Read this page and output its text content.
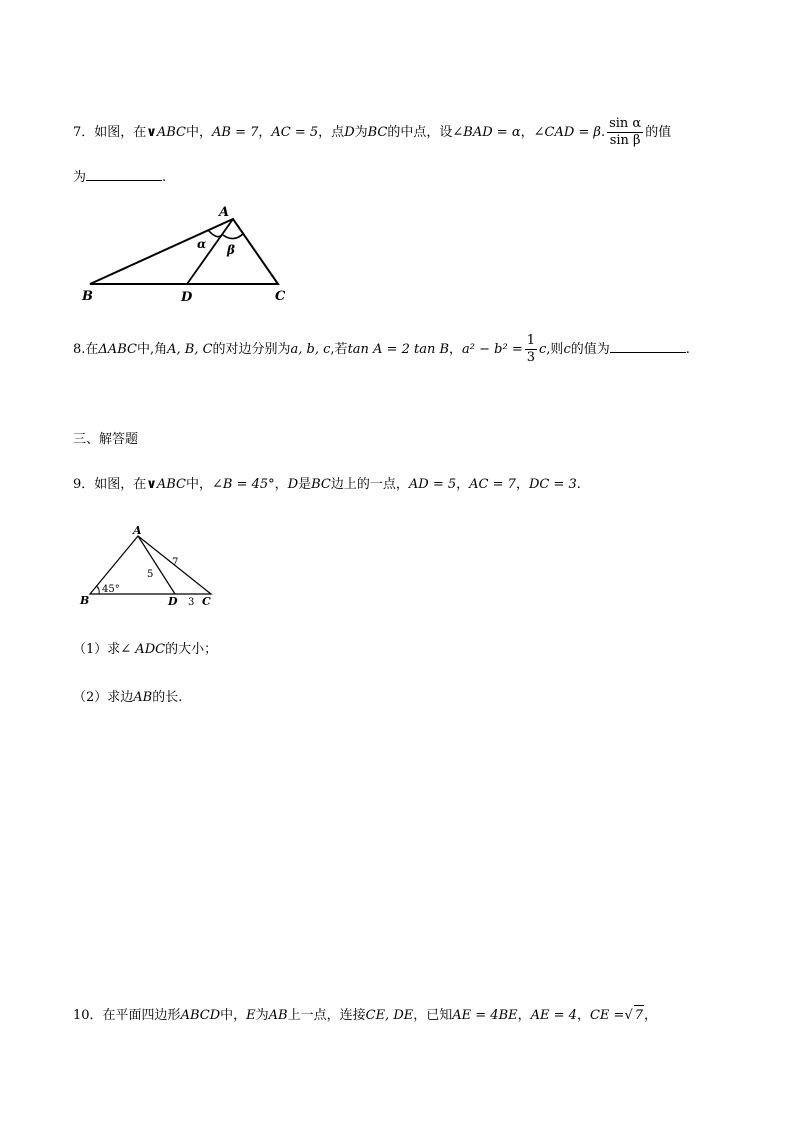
7．如图，在∨ABC中，AB = 7，AC = 5，点D为BC的中点，设∠BAD = α，∠CAD = β. $\frac{\text{sin α}}{\text{sin β}}$ 的值
为	.
A
B	C
D
α β
8.在ΔABC中,角A, B, C的对边分别为a, b, c,若tan A = 2 tan B，$a^2 - b^2 = \frac{1}{3} c$,则c的值为	.
三、解答题
9．如图，在∨ABC中，∠B = 45°，D是BC边上的一点，AD = 5，AC = 7，DC = 3.
A
B	C
D
45°
5
7
3
（1）求∠ ADC的大小；
（2）求边AB的长.
10．在平面四边形ABCD中，E为AB上一点，连接CE, DE，已知AE = 4BE，AE = 4，CE =√ 7，
